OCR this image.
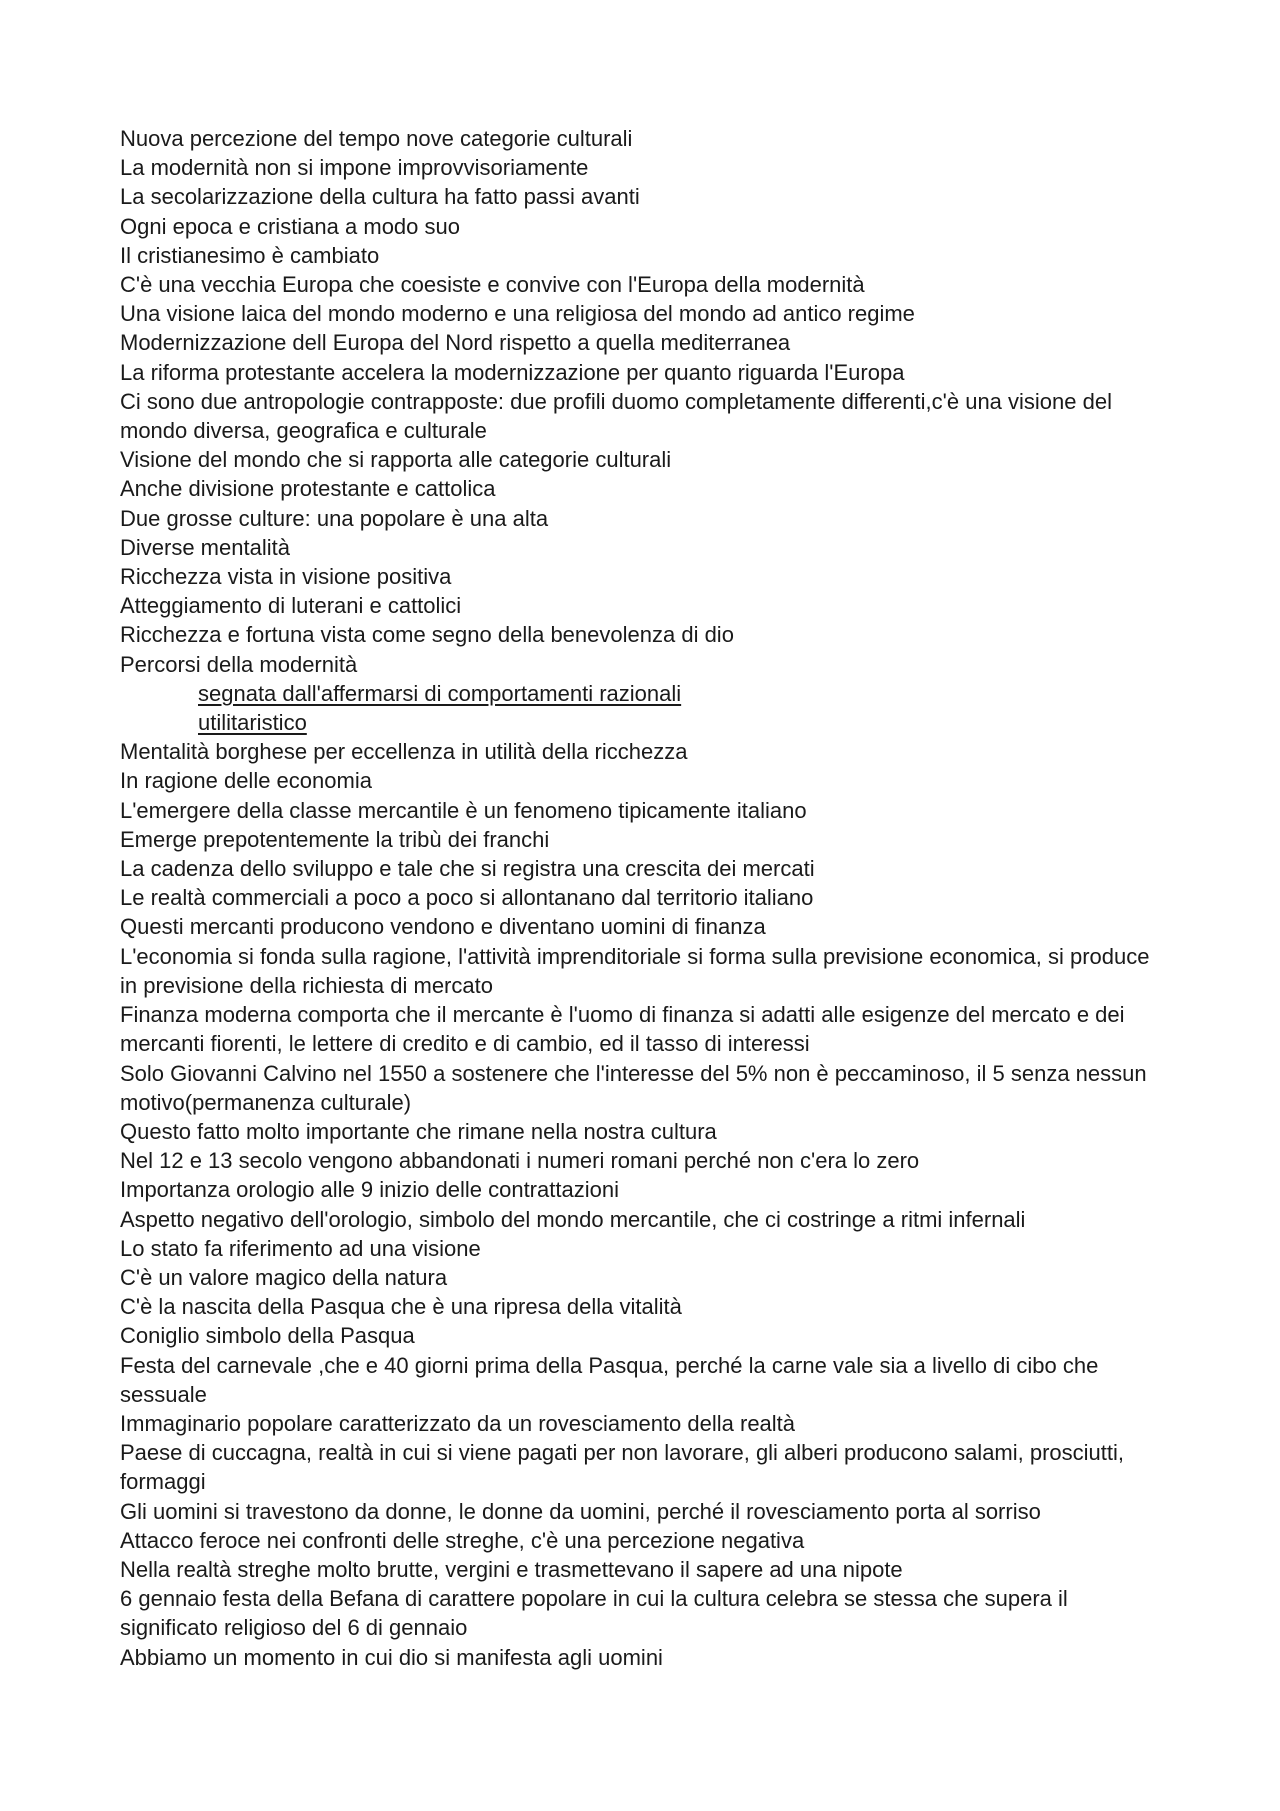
Nuova percezione del tempo nove categorie culturali

La modernità non si impone improvvisoriamente

La secolarizzazione della cultura ha fatto passi avanti

Ogni epoca e cristiana a modo suo

Il cristianesimo è cambiato

C'è una vecchia Europa che coesiste e convive con l'Europa della modernità

Una visione laica del mondo moderno e una religiosa del mondo ad antico regime

Modernizzazione dell Europa del Nord rispetto a quella mediterranea

La riforma protestante accelera la modernizzazione per quanto riguarda l'Europa

Ci sono due antropologie contrapposte: due profili duomo completamente differenti,c'è una visione del mondo diversa, geografica e culturale

Visione del mondo che si rapporta alle categorie culturali

Anche divisione protestante e cattolica

Due grosse culture: una popolare è una alta

Diverse mentalità

Ricchezza vista in visione positiva

Atteggiamento di luterani e cattolici

Ricchezza e fortuna vista come segno della benevolenza di dio

Percorsi della modernità

segnata dall'affermarsi di comportamenti razionali

utilitaristico

Mentalità borghese per eccellenza in utilità della ricchezza

In ragione delle economia

L'emergere della classe mercantile è un fenomeno tipicamente italiano

Emerge prepotentemente la tribù dei franchi

La cadenza dello sviluppo e tale che si registra una crescita dei mercati

Le realtà commerciali a poco a poco si allontanano dal territorio italiano

Questi mercanti producono vendono e diventano uomini di finanza

L'economia si fonda sulla ragione, l'attività imprenditoriale si forma sulla previsione economica, si produce in previsione della richiesta di mercato

Finanza moderna comporta che il mercante è l'uomo di finanza si adatti alle esigenze del mercato e dei mercanti fiorenti, le lettere di credito e di cambio, ed il tasso di interessi

Solo Giovanni Calvino nel 1550 a sostenere che l'interesse del 5% non è peccaminoso, il 5 senza nessun motivo(permanenza culturale)

Questo fatto molto importante che rimane nella nostra cultura

Nel 12 e 13 secolo vengono abbandonati i numeri romani perché non c'era lo zero

Importanza orologio alle 9 inizio delle contrattazioni

Aspetto negativo dell'orologio, simbolo del mondo mercantile, che ci costringe a ritmi infernali

Lo stato fa riferimento ad una visione

C'è un valore magico della natura

C'è la nascita della Pasqua che è una ripresa della vitalità

Coniglio simbolo della Pasqua

Festa del carnevale ,che e 40 giorni prima della Pasqua, perché la carne vale sia a livello di cibo che sessuale

Immaginario popolare caratterizzato da un rovesciamento della realtà

Paese di cuccagna, realtà in cui si viene pagati per non lavorare, gli alberi producono salami, prosciutti, formaggi

Gli uomini si travestono da donne, le donne da uomini, perché il rovesciamento porta al sorriso

Attacco feroce nei confronti delle streghe, c'è una percezione negativa

Nella realtà streghe molto brutte, vergini e trasmettevano il sapere ad una nipote

6 gennaio festa della Befana di carattere popolare in cui la cultura celebra se stessa che supera il significato religioso del 6 di gennaio

Abbiamo un momento in cui dio si manifesta agli uomini
